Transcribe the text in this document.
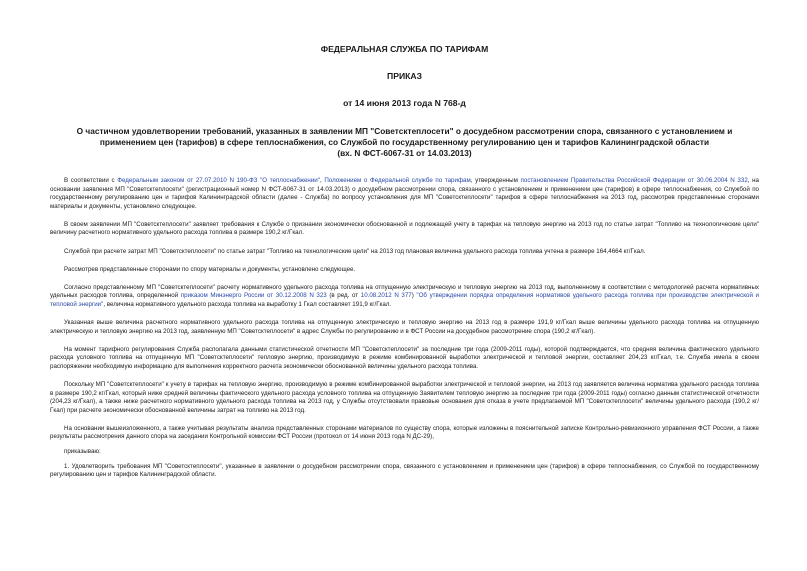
ФЕДЕРАЛЬНАЯ СЛУЖБА ПО ТАРИФАМ
ПРИКАЗ
от 14 июня 2013 года N 768-д
О частичном удовлетворении требований, указанных в заявлении МП "Советсктеплосети" о досудебном рассмотрении спора, связанного с установлением и
применением цен (тарифов) в сфере теплоснабжения, со Службой по государственному регулированию цен и тарифов Калининградской области
(вх. N ФСТ-6067-31 от 14.03.2013)

В соответствии с Федеральным законом от 27.07.2010 N 190-ФЗ "О теплоснабжении", Положением о Федеральной службе по тарифам, утвержденным постановлением Правительства Российской Федерации от 30.06.2004 N 332, на основании заявления МП "Советсктеплосети" (регистрационный номер N ФСТ-6067-31 от 14.03.2013) о досудебном рассмотрении спора, связанного с установлением и применением цен (тарифов) в сфере теплоснабжения, со Службой по государственному регулированию цен и тарифов Калининградской области (далее - Служба) по вопросу установления для МП "Советсктеплосети" тарифов в сфере теплоснабжения на 2013 год, рассмотрев представленные сторонами материалы и документы, установлено следующее.

В своем заявлении МП "Советсктеплосети" заявляет требования к Службе о признании экономически обоснованной и подлежащей учету в тарифах на тепловую энергию на 2013 год по статье затрат "Топливо на технологические цели" величину расчетного нормативного удельного расхода топлива в размере 190,2 кг/Гкал.

Службой при расчете затрат МП "Советсктеплосети" по статье затрат "Топливо на технологические цели" на 2013 год плановая величина удельного расхода топлива учтена в размере 164,4664 кг/Гкал.

Рассмотрев представленные сторонами по спору материалы и документы, установлено следующее.

Согласно представленному МП "Советсктеплосети" расчету нормативного удельного расхода топлива на отпущенную электрическую и тепловую энергию на 2013 год, выполненному в соответствии с методологией расчета нормативных удельных расходов топлива, определенной приказом Минэнерго России от 30.12.2008 N 323 (в ред. от 10.08.2012 N 377) "Об утверждении порядка определения нормативов удельного расхода топлива при производстве электрической и тепловой энергии", величина нормативного удельного расхода топлива на выработку 1 Гкал составляет 191,9 кг/Гкал.

Указанная выше величина расчетного нормативного удельного расхода топлива на отпущенную электрическую и тепловую энергию на 2013 год в размере 191,9 кг/Гкал выше величины удельного расхода топлива на отпущенную электрическую и тепловую энергию на 2013 год, заявленную МП "Советсктеплосети" в адрес Службы по регулированию и в ФСТ России на досудебное рассмотрение спора (190,2 кг/Гкал).

На момент тарифного регулирования Служба располагала данными статистической отчетности МП "Советсктеплосети" за последние три года (2009-2011 годы), которой подтверждается, что средняя величина фактического удельного расхода условного топлива на отпущенную МП "Советсктеплосети" тепловую энергию, производимую в режиме комбинированной выработки электрической и тепловой энергии, составляет 204,23 кг/Гкал, т.е. Служба имела в своем распоряжении необходимую информацию для выполнения корректного расчета экономически обоснованной величины удельного расхода топлива.

Поскольку МП "Советсктеплосети" к учету в тарифах на тепловую энергию, производимую в режиме комбинированной выработки электрической и тепловой энергии, на 2013 год заявляется величина норматива удельного расхода топлива в размере 190,2 кг/Гкал, который ниже средней величины фактического удельного расхода условного топлива на отпущенную Заявителем тепловую энергию за последние три года (2009-2011 годы) согласно данным статистической отчетности (204,23 кг/Гкал), а также ниже расчетного нормативного удельного расхода топлива на 2013 год, у Службы отсутствовали правовые основания для отказа в учете предлагаемой МП "Советсктеплосети" величины удельного расхода (190,2 кг/Гкал) при расчете экономически обоснованной величины затрат на топливо на 2013 год.

На основании вышеизложенного, а также учитывая результаты анализа представленных сторонами материалов по существу спора, которые изложены в пояснительной записке Контрольно-ревизионного управления ФСТ России, а также результаты рассмотрения данного спора на заседании Контрольной комиссии ФСТ России (протокол от 14 июня 2013 года N ДС-29),

приказываю:

1. Удовлетворить требования МП "Советсктеплосети", указанные в заявлении о досудебном рассмотрении спора, связанного с установлением и применением цен (тарифов) в сфере теплоснабжения, со Службой по государственному регулированию цен и тарифов Калининградской области.
